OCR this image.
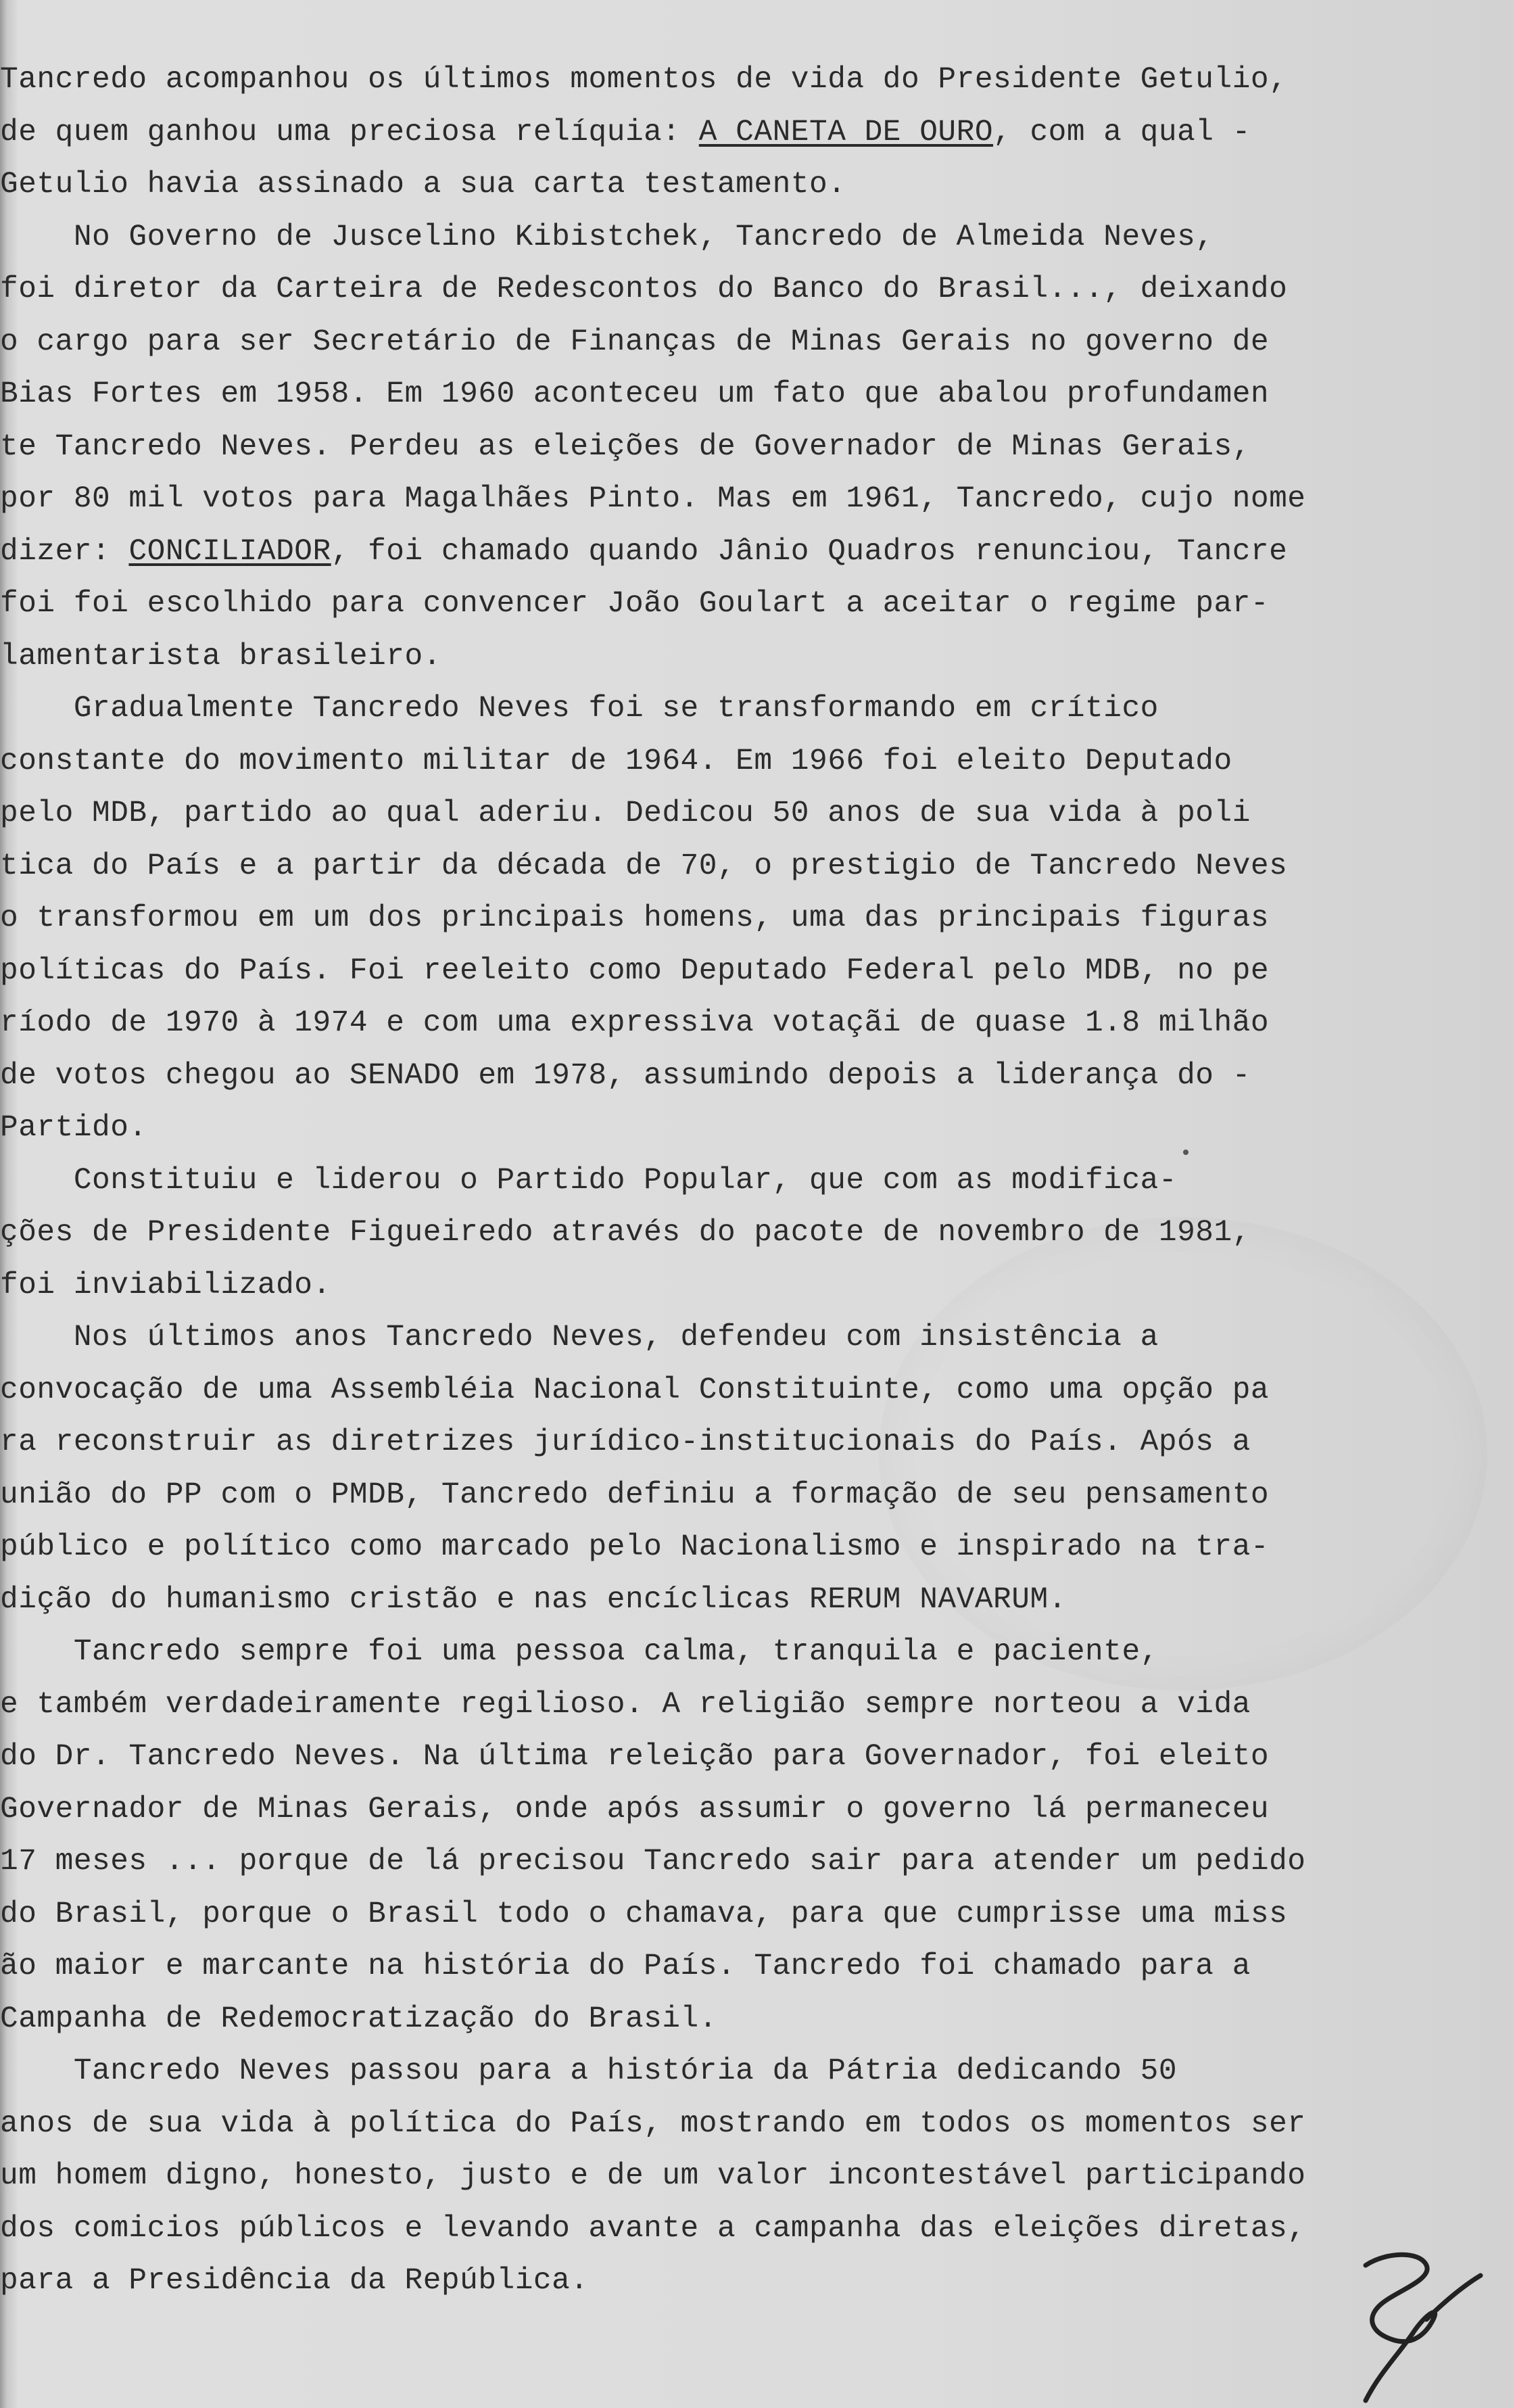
Tancredo acompanhou os últimos momentos de vida do Presidente Getulio,
de quem ganhou uma preciosa relíquia: A CANETA DE OURO, com a qual -
Getulio havia assinado a sua carta testamento.
No Governo de Juscelino Kibistchek, Tancredo de Almeida Neves,
foi diretor da Carteira de Redescontos do Banco do Brasil..., deixando
o cargo para ser Secretário de Finanças de Minas Gerais no governo de
Bias Fortes em 1958. Em 1960 aconteceu um fato que abalou profundamen
te Tancredo Neves. Perdeu as eleições de Governador de Minas Gerais,
por 80 mil votos para Magalhães Pinto. Mas em 1961, Tancredo, cujo nome
dizer: CONCILIADOR, foi chamado quando Jânio Quadros renunciou, Tancre
foi foi escolhido para convencer João Goulart a aceitar o regime par-
lamentarista brasileiro.
Gradualmente Tancredo Neves foi se transformando em crítico
constante do movimento militar de 1964. Em 1966 foi eleito Deputado
pelo MDB, partido ao qual aderiu. Dedicou 50 anos de sua vida à poli
tica do País e a partir da década de 70, o prestigio de Tancredo Neves
o transformou em um dos principais homens, uma das principais figuras
políticas do País. Foi reeleito como Deputado Federal pelo MDB, no pe
ríodo de 1970 à 1974 e com uma expressiva votaçãi de quase 1.8 milhão
de votos chegou ao SENADO em 1978, assumindo depois a liderança do -
Partido.
Constituiu e liderou o Partido Popular, que com as modifica-
ções de Presidente Figueiredo através do pacote de novembro de 1981,
foi inviabilizado.
Nos últimos anos Tancredo Neves, defendeu com insistência a
convocação de uma Assembléia Nacional Constituinte, como uma opção pa
ra reconstruir as diretrizes jurídico-institucionais do País. Após a
união do PP com o PMDB, Tancredo definiu a formação de seu pensamento
público e político como marcado pelo Nacionalismo e inspirado na tra-
dição do humanismo cristão e nas encíclicas RERUM NAVARUM.
Tancredo sempre foi uma pessoa calma, tranquila e paciente,
e também verdadeiramente regilioso. A religião sempre norteou a vida
do Dr. Tancredo Neves. Na última releição para Governador, foi eleito
Governador de Minas Gerais, onde após assumir o governo lá permaneceu
17 meses ... porque de lá precisou Tancredo sair para atender um pedido
do Brasil, porque o Brasil todo o chamava, para que cumprisse uma miss
ão maior e marcante na história do País. Tancredo foi chamado para a
Campanha de Redemocratização do Brasil.
Tancredo Neves passou para a história da Pátria dedicando 50
anos de sua vida à política do País, mostrando em todos os momentos ser
um homem digno, honesto, justo e de um valor incontestável participando
dos comicios públicos e levando avante a campanha das eleições diretas,
para a Presidência da República.
